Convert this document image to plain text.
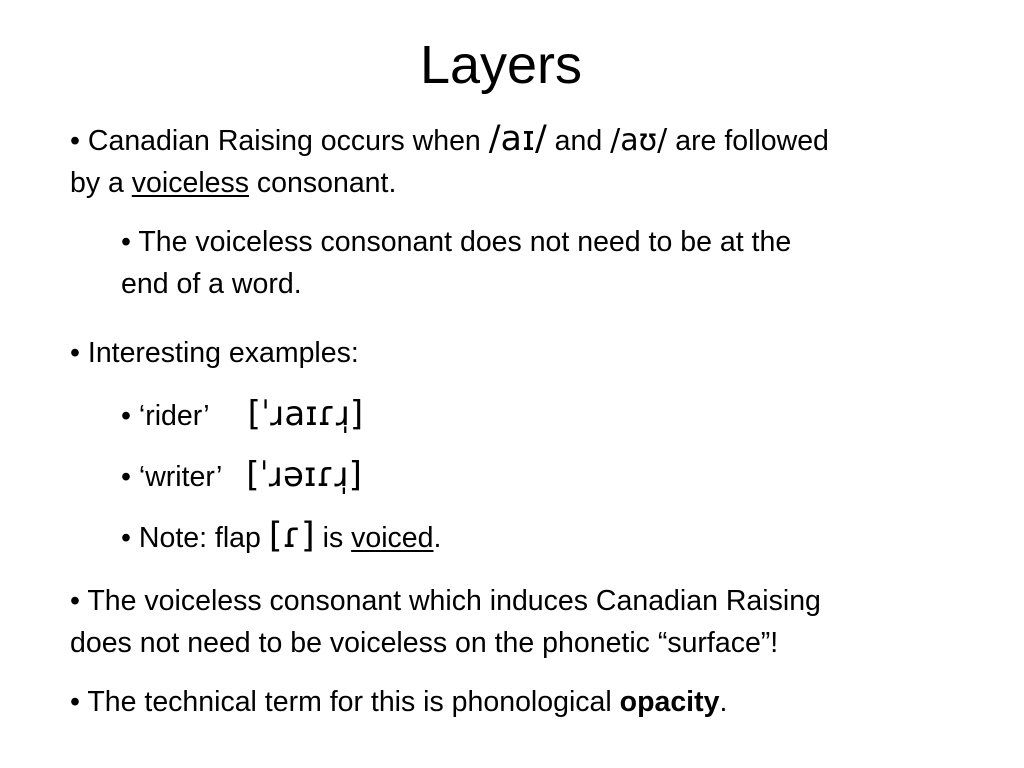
Layers
• Canadian Raising occurs when /aɪ/ and /aʊ/ are followed
by a voiceless consonant.
• The voiceless consonant does not need to be at the
end of a word.
• Interesting examples:
• ‘rider’ [ˈɹaɪɾɹ̩]
• ‘writer’ [ˈɹəɪɾɹ̩]
• Note: flap [ɾ] is voiced.
• The voiceless consonant which induces Canadian Raising
does not need to be voiceless on the phonetic “surface”!
• The technical term for this is phonological opacity.
